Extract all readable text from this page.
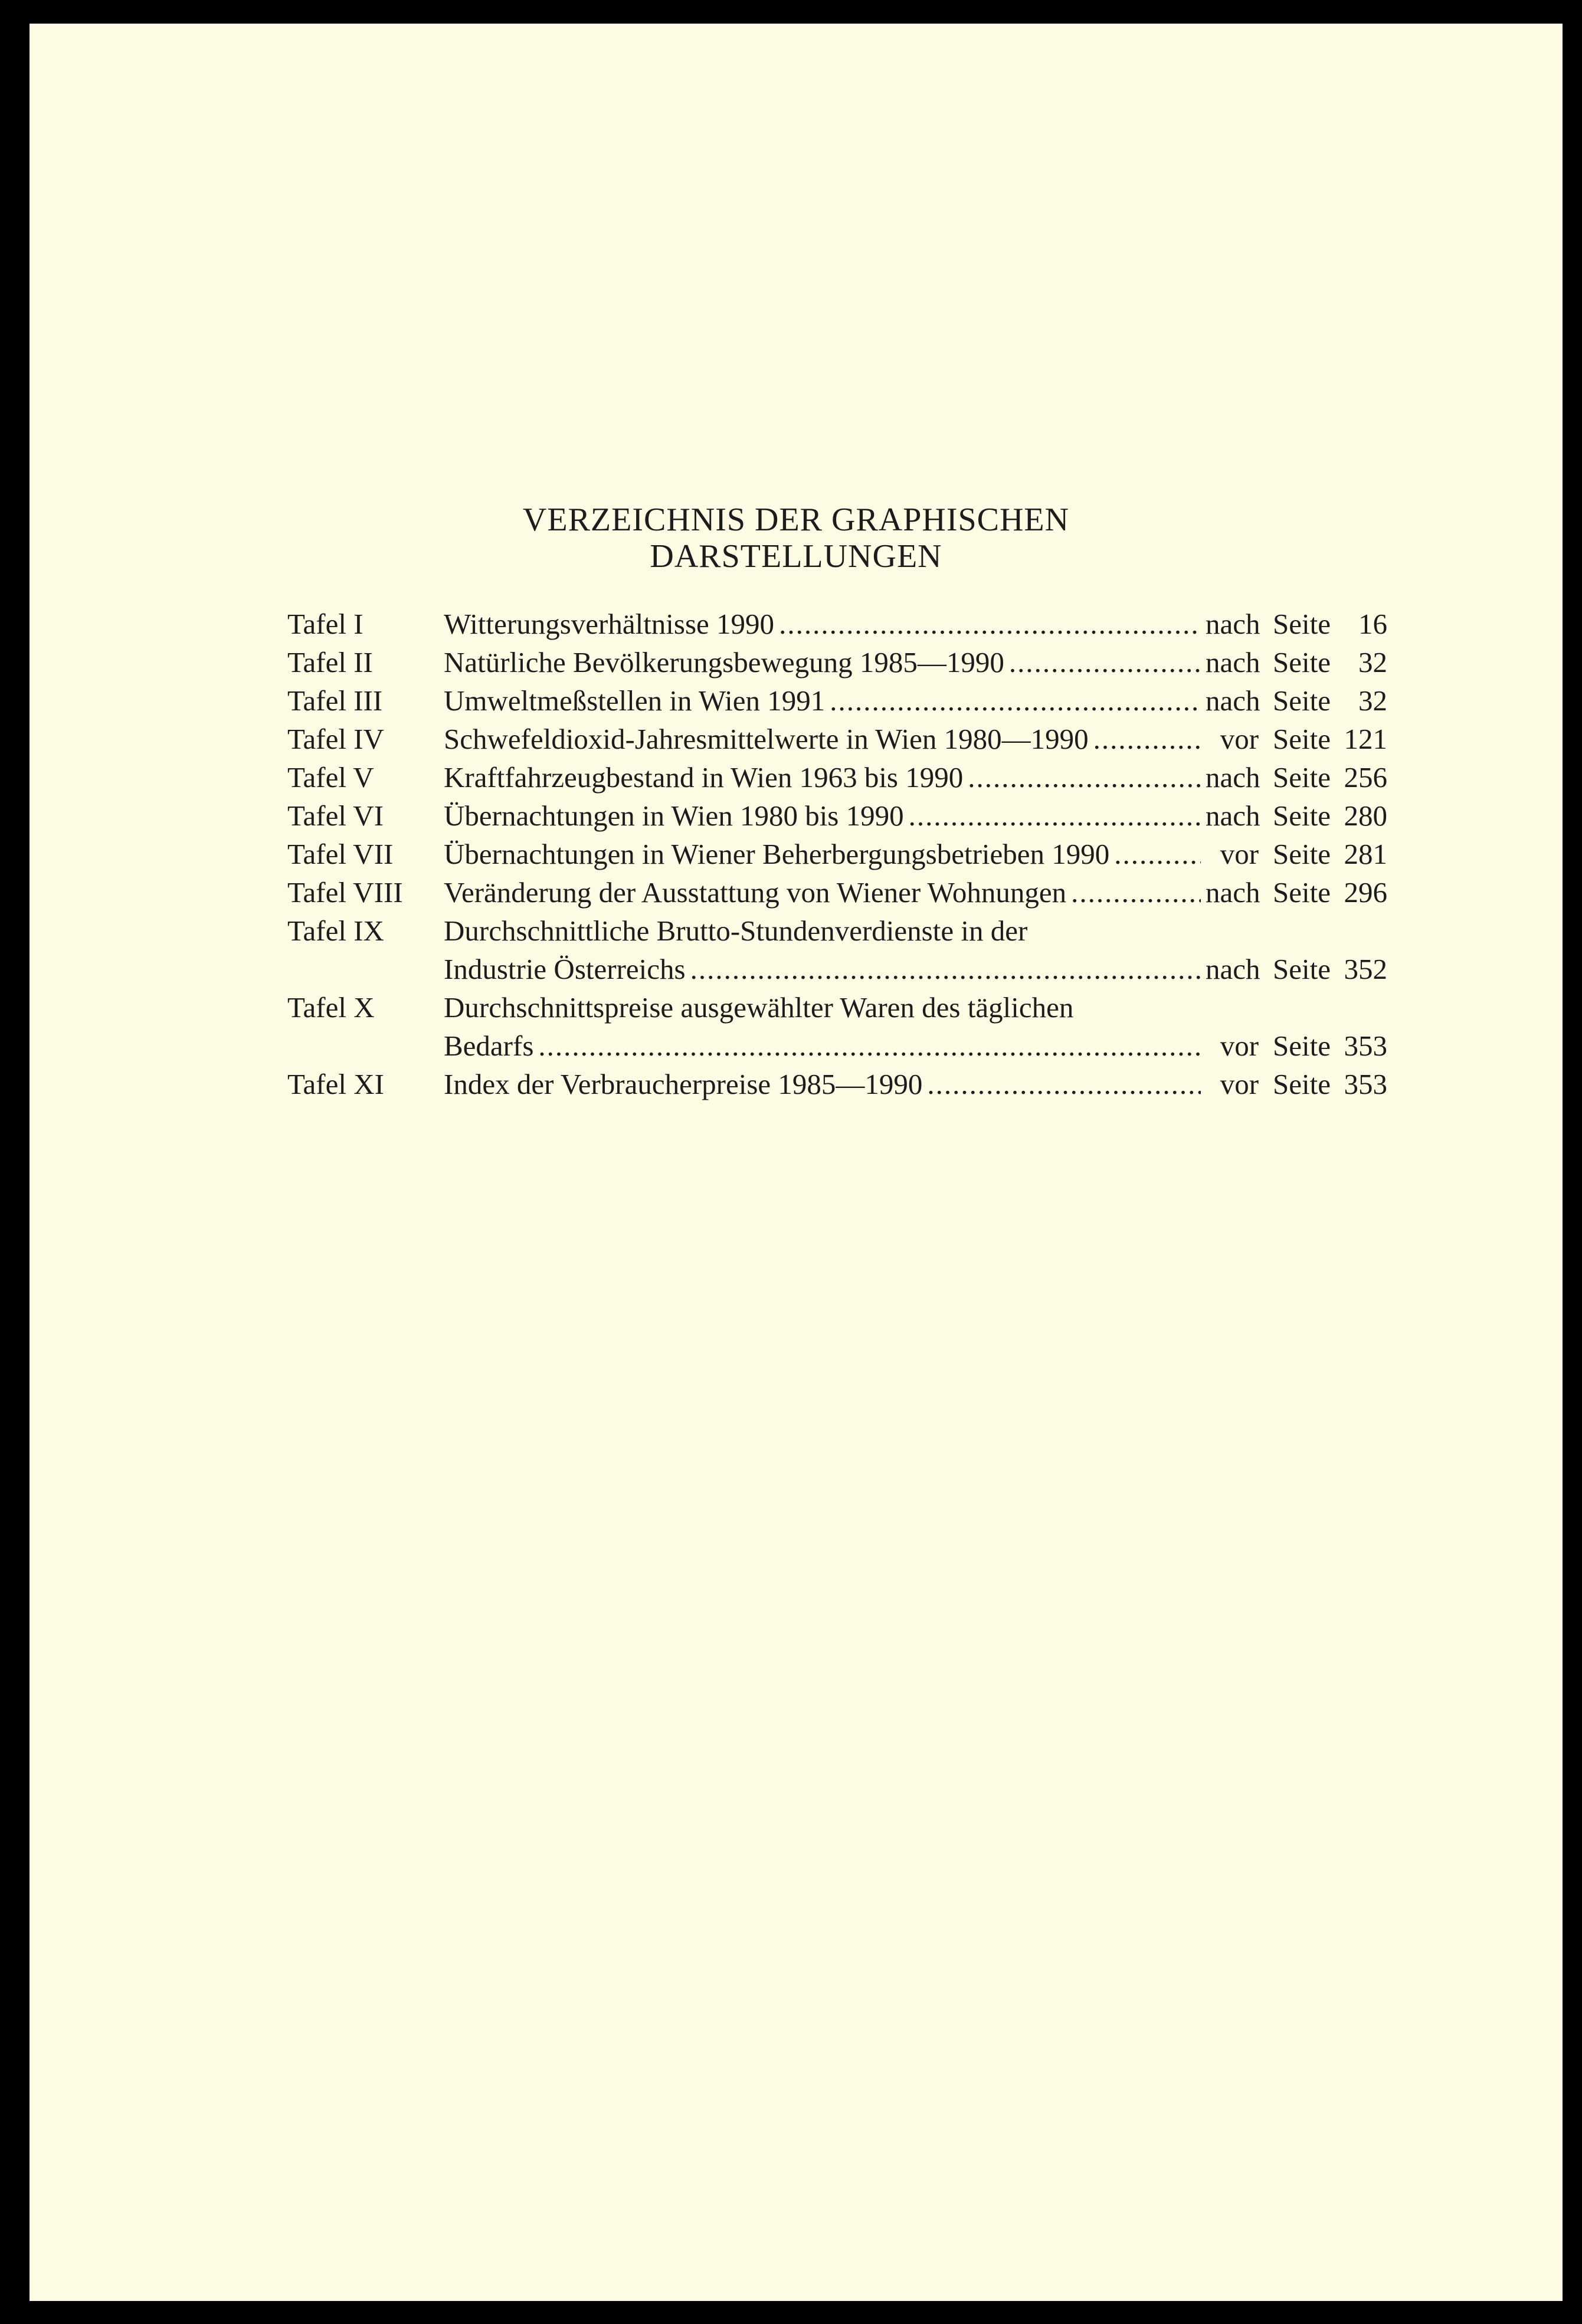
VERZEICHNIS DER GRAPHISCHEN
DARSTELLUNGEN
Tafel I	Witterungsverhältnisse 1990 .....	nach Seite 16
Tafel II	Natürliche Bevölkerungsbewegung 1985—1990 .....	nach Seite 32
Tafel III	Umweltmeßstellen in Wien 1991 .....	nach Seite 32
Tafel IV	Schwefeldioxid-Jahresmittelwerte in Wien 1980—1990 .....	vor Seite 121
Tafel V	Kraftfahrzeugbestand in Wien 1963 bis 1990 .....	nach Seite 256
Tafel VI	Übernachtungen in Wien 1980 bis 1990 .....	nach Seite 280
Tafel VII	Übernachtungen in Wiener Beherbergungsbetrieben 1990 .....	vor Seite 281
Tafel VIII	Veränderung der Ausstattung von Wiener Wohnungen .....	nach Seite 296
Tafel IX	Durchschnittliche Brutto-Stundenverdienste in der
Industrie Österreichs .....	nach Seite 352
Tafel X	Durchschnittspreise ausgewählter Waren des täglichen
Bedarfs .....	vor Seite 353
Tafel XI	Index der Verbraucherpreise 1985—1990 .....	vor Seite 353
